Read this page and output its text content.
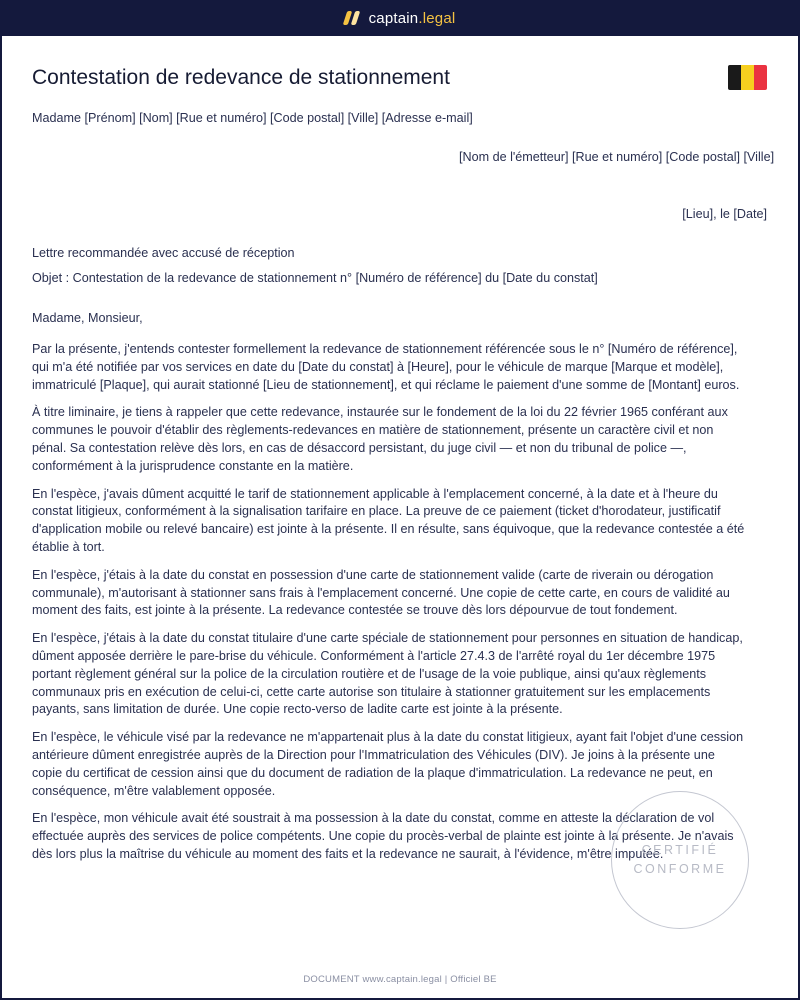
captain.legal
Contestation de redevance de stationnement
Madame [Prénom] [Nom] [Rue et numéro] [Code postal] [Ville] [Adresse e-mail]
[Nom de l'émetteur] [Rue et numéro] [Code postal] [Ville]
[Lieu], le [Date]
Lettre recommandée avec accusé de réception
Objet : Contestation de la redevance de stationnement n° [Numéro de référence] du [Date du constat]
Madame, Monsieur,

Par la présente, j'entends contester formellement la redevance de stationnement référencée sous le n° [Numéro de référence], qui m'a été notifiée par vos services en date du [Date du constat] à [Heure], pour le véhicule de marque [Marque et modèle], immatriculé [Plaque], qui aurait stationné [Lieu de stationnement], et qui réclame le paiement d'une somme de [Montant] euros.

À titre liminaire, je tiens à rappeler que cette redevance, instaurée sur le fondement de la loi du 22 février 1965 conférant aux communes le pouvoir d'établir des règlements-redevances en matière de stationnement, présente un caractère civil et non pénal. Sa contestation relève dès lors, en cas de désaccord persistant, du juge civil — et non du tribunal de police —, conformément à la jurisprudence constante en la matière.

En l'espèce, j'avais dûment acquitté le tarif de stationnement applicable à l'emplacement concerné, à la date et à l'heure du constat litigieux, conformément à la signalisation tarifaire en place. La preuve de ce paiement (ticket d'horodateur, justificatif d'application mobile ou relevé bancaire) est jointe à la présente. Il en résulte, sans équivoque, que la redevance contestée a été établie à tort.

En l'espèce, j'étais à la date du constat en possession d'une carte de stationnement valide (carte de riverain ou dérogation communale), m'autorisant à stationner sans frais à l'emplacement concerné. Une copie de cette carte, en cours de validité au moment des faits, est jointe à la présente. La redevance contestée se trouve dès lors dépourvue de tout fondement.

En l'espèce, j'étais à la date du constat titulaire d'une carte spéciale de stationnement pour personnes en situation de handicap, dûment apposée derrière le pare-brise du véhicule. Conformément à l'article 27.4.3 de l'arrêté royal du 1er décembre 1975 portant règlement général sur la police de la circulation routière et de l'usage de la voie publique, ainsi qu'aux règlements communaux pris en exécution de celui-ci, cette carte autorise son titulaire à stationner gratuitement sur les emplacements payants, sans limitation de durée. Une copie recto-verso de ladite carte est jointe à la présente.

En l'espèce, le véhicule visé par la redevance ne m'appartenait plus à la date du constat litigieux, ayant fait l'objet d'une cession antérieure dûment enregistrée auprès de la Direction pour l'Immatriculation des Véhicules (DIV). Je joins à la présente une copie du certificat de cession ainsi que du document de radiation de la plaque d'immatriculation. La redevance ne peut, en conséquence, m'être valablement opposée.

En l'espèce, mon véhicule avait été soustrait à ma possession à la date du constat, comme en atteste la déclaration de vol effectuée auprès des services de police compétents. Une copie du procès-verbal de plainte est jointe à la présente. Je n'avais dès lors plus la maîtrise du véhicule au moment des faits et la redevance ne saurait, à l'évidence, m'être imputée.

CERTIFIÉ
CONFORME
DOCUMENT www.captain.legal | Officiel BE
